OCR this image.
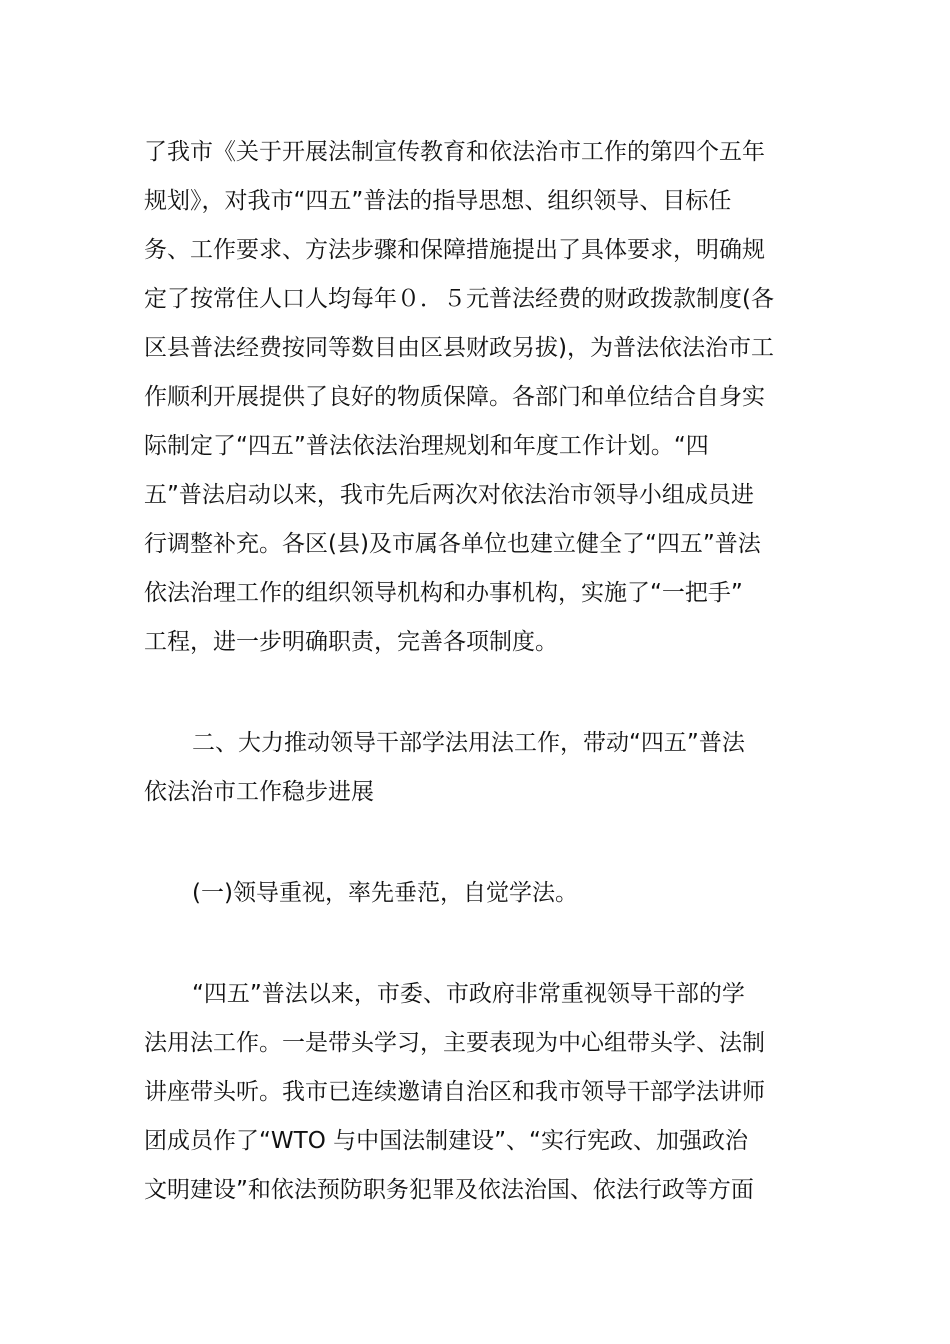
了我市《关于开展法制宣传教育和依法治市工作的第四个五年
规划》，对我市“四五”普法的指导思想、组织领导、目标任
务、工作要求、方法步骤和保障措施提出了具体要求，明确规
定了按常住人口人均每年０．５元普法经费的财政拨款制度(各
区县普法经费按同等数目由区县财政另拔)，为普法依法治市工
作顺利开展提供了良好的物质保障。各部门和单位结合自身实
际制定了“四五”普法依法治理规划和年度工作计划。“四
五”普法启动以来，我市先后两次对依法治市领导小组成员进
行调整补充。各区(县)及市属各单位也建立健全了“四五”普法
依法治理工作的组织领导机构和办事机构，实施了“一把手”
工程，进一步明确职责，完善各项制度。
二、大力推动领导干部学法用法工作，带动“四五”普法
依法治市工作稳步进展
(一)领导重视，率先垂范，自觉学法。
“四五”普法以来，市委、市政府非常重视领导干部的学
法用法工作。一是带头学习，主要表现为中心组带头学、法制
讲座带头听。我市已连续邀请自治区和我市领导干部学法讲师
团成员作了“WTO 与中国法制建设”、“实行宪政、加强政治
文明建设”和依法预防职务犯罪及依法治国、依法行政等方面
